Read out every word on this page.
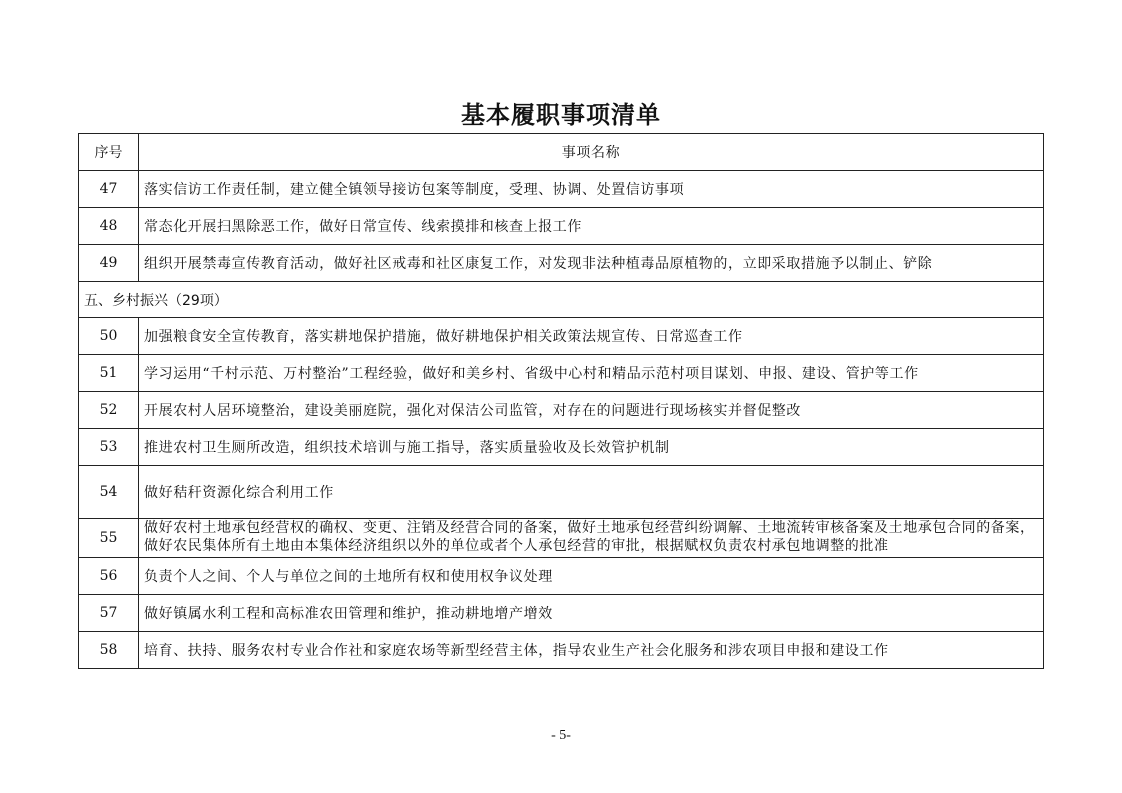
基本履职事项清单
序号	事项名称
47	落实信访工作责任制，建立健全镇领导接访包案等制度，受理、协调、处置信访事项
48	常态化开展扫黑除恶工作，做好日常宣传、线索摸排和核查上报工作
49	组织开展禁毒宣传教育活动，做好社区戒毒和社区康复工作，对发现非法种植毒品原植物的，立即采取措施予以制止、铲除
五、乡村振兴（29项）	
50	加强粮食安全宣传教育，落实耕地保护措施，做好耕地保护相关政策法规宣传、日常巡查工作
51	学习运用“千村示范、万村整治”工程经验，做好和美乡村、省级中心村和精品示范村项目谋划、申报、建设、管护等工作
52	开展农村人居环境整治，建设美丽庭院，强化对保洁公司监管，对存在的问题进行现场核实并督促整改
53	推进农村卫生厕所改造，组织技术培训与施工指导，落实质量验收及长效管护机制
54	做好秸秆资源化综合利用工作
55	做好农村土地承包经营权的确权、变更、注销及经营合同的备案，做好土地承包经营纠纷调解、土地流转审核备案及土地承包合同的备案，做好农民集体所有土地由本集体经济组织以外的单位或者个人承包经营的审批，根据赋权负责农村承包地调整的批准

56	负责个人之间、个人与单位之间的土地所有权和使用权争议处理
57	做好镇属水利工程和高标准农田管理和维护，推动耕地增产增效
58	培育、扶持、服务农村专业合作社和家庭农场等新型经营主体，指导农业生产社会化服务和涉农项目申报和建设工作
- 5-
